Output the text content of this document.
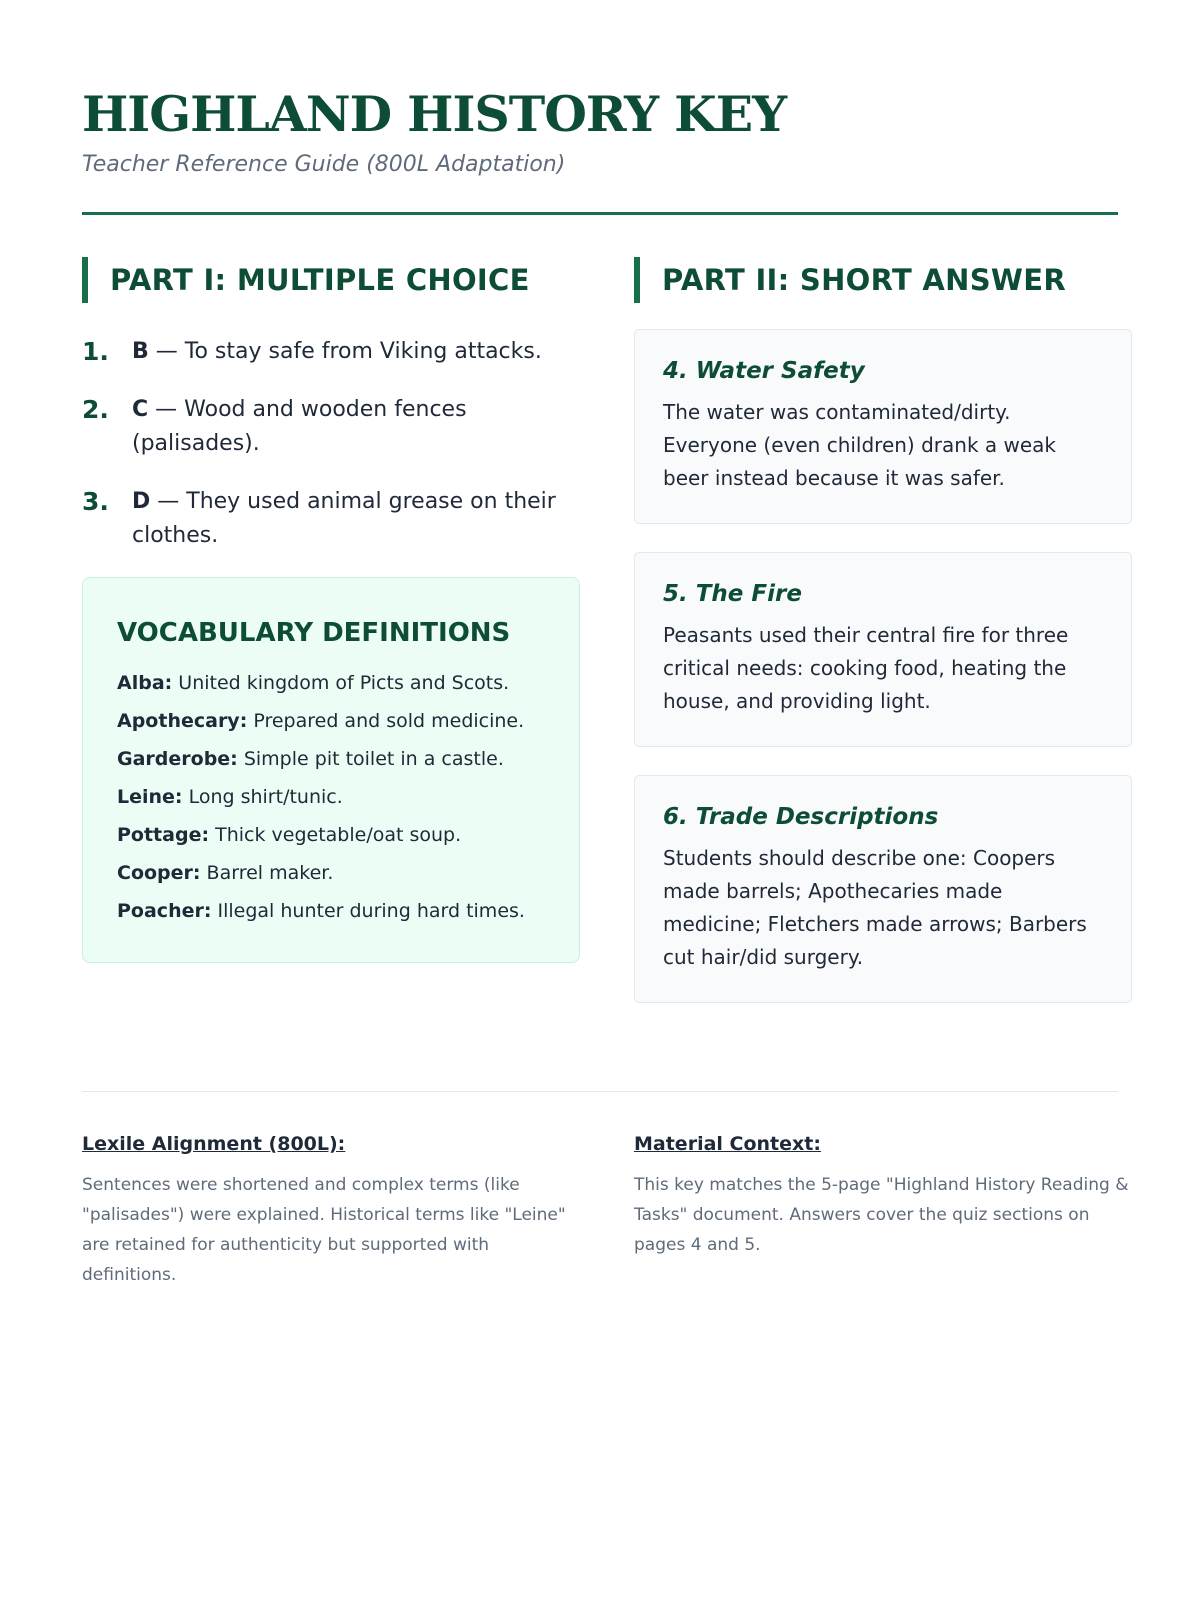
HIGHLAND HISTORY KEY
Teacher Reference Guide (800L Adaptation)
PART I: MULTIPLE CHOICE
1.	B — To stay safe from Viking attacks.
2.	C — Wood and wooden fences (palisades).
3.	D — They used animal grease on their clothes.
VOCABULARY DEFINITIONS
Alba: United kingdom of Picts and Scots.
Apothecary: Prepared and sold medicine.
Garderobe: Simple pit toilet in a castle.
Leine: Long shirt/tunic.
Pottage: Thick vegetable/oat soup.
Cooper: Barrel maker.
Poacher: Illegal hunter during hard times.
PART II: SHORT ANSWER
4. Water Safety
The water was contaminated/dirty. Everyone (even children) drank a weak beer instead because it was safer.
5. The Fire
Peasants used their central fire for three critical needs: cooking food, heating the house, and providing light.
6. Trade Descriptions
Students should describe one: Coopers made barrels; Apothecaries made medicine; Fletchers made arrows; Barbers cut hair/did surgery.
Lexile Alignment (800L):
Sentences were shortened and complex terms (like "palisades") were explained. Historical terms like "Leine" are retained for authenticity but supported with definitions.
Material Context:
This key matches the 5-page "Highland History Reading & Tasks" document. Answers cover the quiz sections on pages 4 and 5.
